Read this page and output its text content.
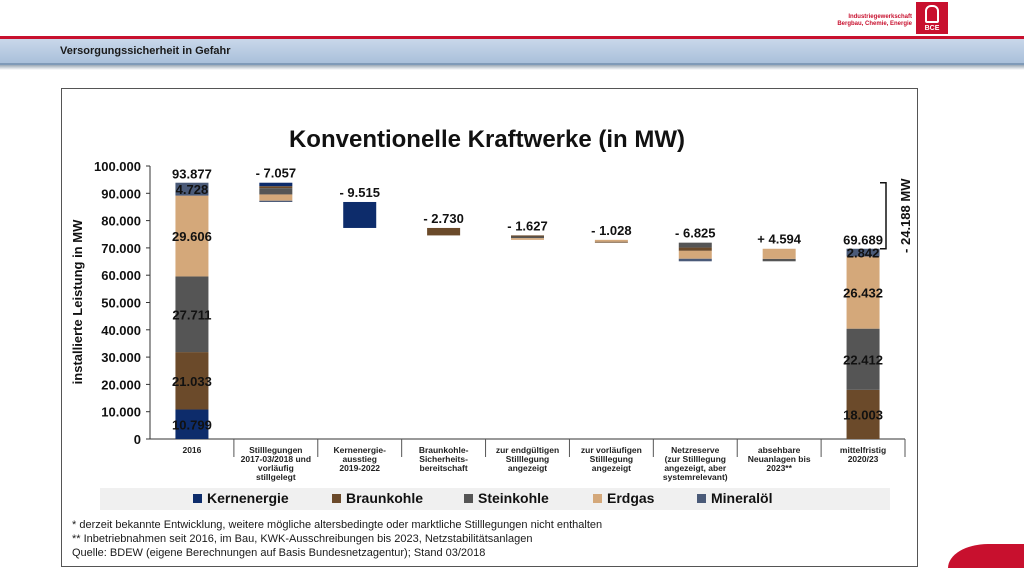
Industriegewerkschaft
Bergbau, Chemie, Energie
BCE
Versorgungssicherheit in Gefahr
Konventionelle Kraftwerke (in MW)
installierte Leistung in MW
0
10.000
20.000
30.000
40.000
50.000
60.000
70.000
80.000
90.000
100.000
2016
10.799
21.033
27.711
29.606
4.728
93.877
Stilllegungen
2017-03/2018 und
vorläufig
stillgelegt
- 7.057
Kernenergie-
ausstieg
2019-2022
- 9.515
Braunkohle-
Sicherheits-
bereitschaft
- 2.730
zur endgültigen
Stilllegung
angezeigt
- 1.627
zur vorläufigen
Stilllegung
angezeigt
- 1.028
Netzreserve
(zur Stilllegung
angezeigt, aber
systemrelevant)
- 6.825
absehbare
Neuanlagen bis
2023**
+ 4.594
mittelfristig
2020/23
18.003
22.412
26.432
2.842
69.689 - 24.188 MW
Kernenergie	Braunkohle	Steinkohle	Erdgas	Mineralöl
* derzeit bekannte Entwicklung, weitere mögliche altersbedingte oder marktliche Stilllegungen nicht enthalten
** Inbetriebnahmen seit 2016, im Bau, KWK-Ausschreibungen bis 2023, Netzstabilitätsanlagen
Quelle: BDEW (eigene Berechnungen auf Basis Bundesnetzagentur); Stand 03/2018
